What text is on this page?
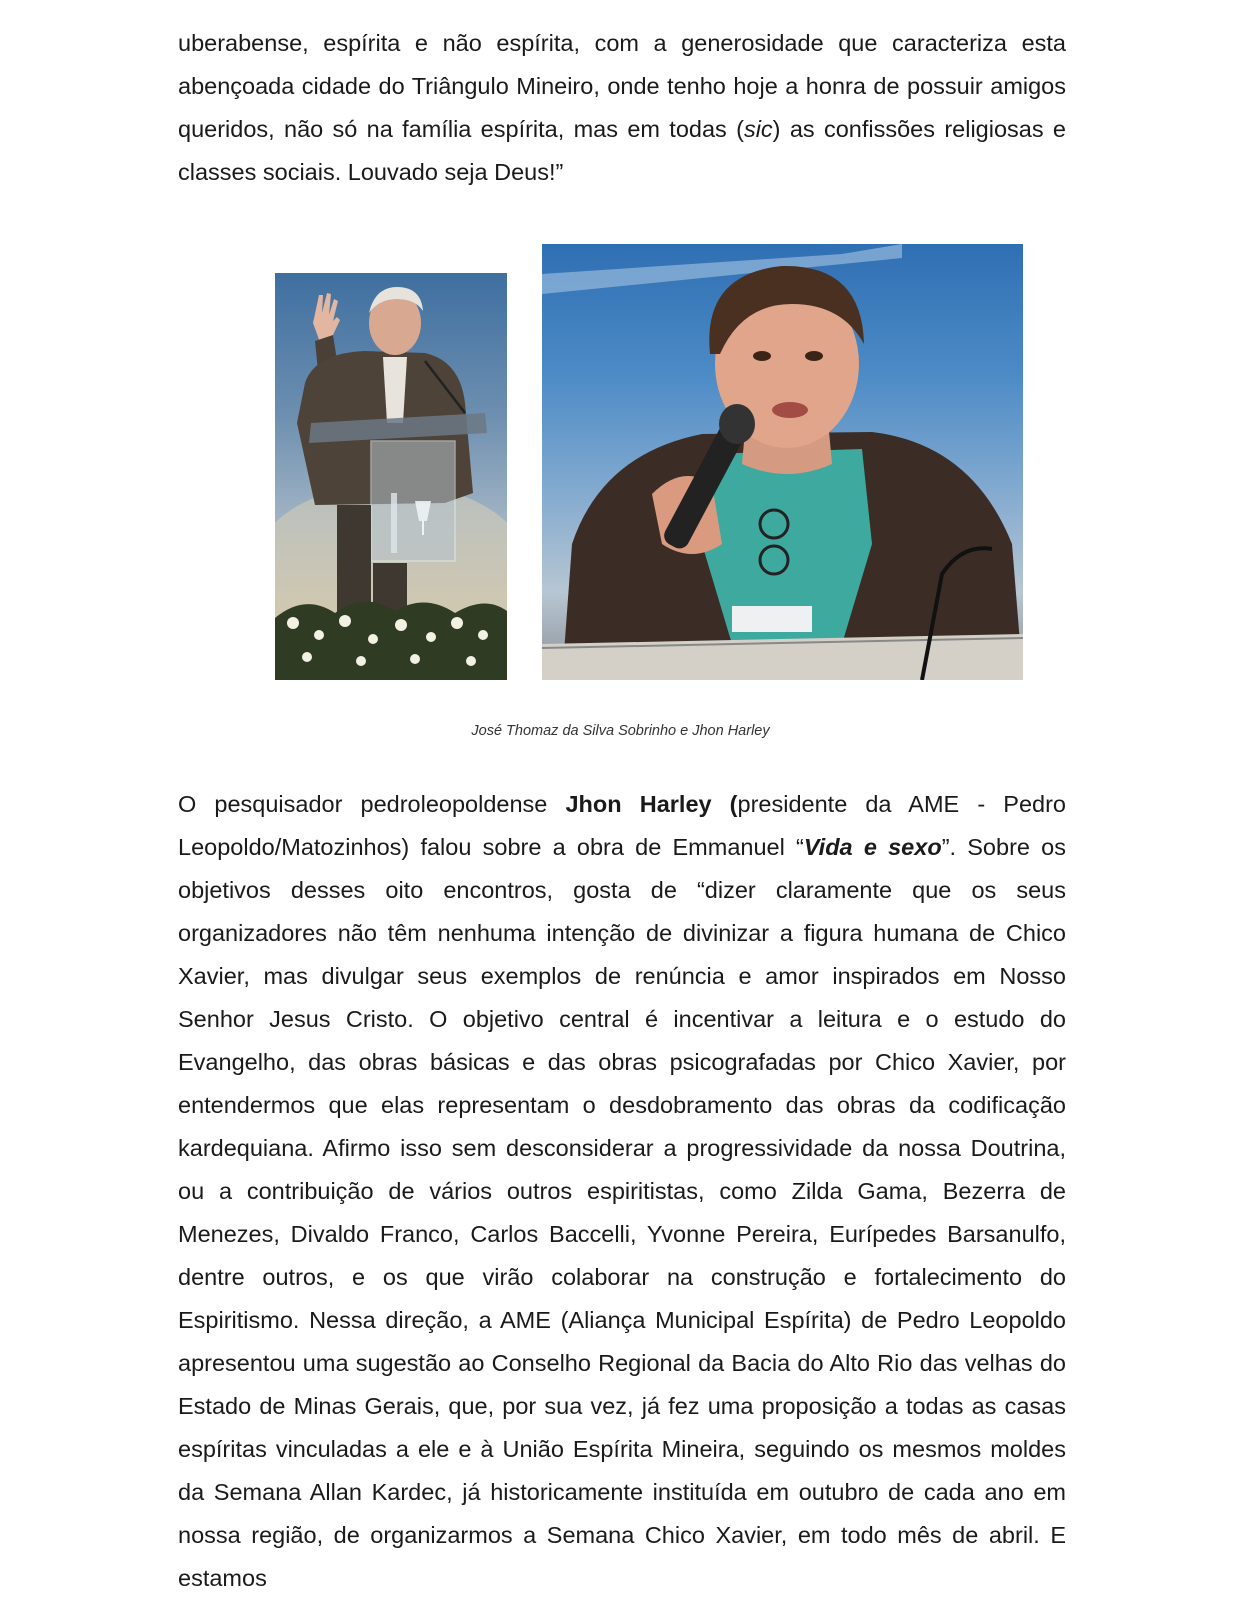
uberabense, espírita e não espírita, com a generosidade que caracteriza esta abençoada cidade do Triângulo Mineiro, onde tenho hoje a honra de possuir amigos queridos, não só na família espírita, mas em todas (sic) as confissões religiosas e classes sociais. Louvado seja Deus!”

José Thomaz da Silva Sobrinho e Jhon Harley

O pesquisador pedroleopoldense Jhon Harley (presidente da AME - Pedro Leopoldo/Matozinhos) falou sobre a obra de Emmanuel “Vida e sexo”. Sobre os objetivos desses oito encontros, gosta de “dizer claramente que os seus organizadores não têm nenhuma intenção de divinizar a figura humana de Chico Xavier, mas divulgar seus exemplos de renúncia e amor inspirados em Nosso Senhor Jesus Cristo. O objetivo central é incentivar a leitura e o estudo do Evangelho, das obras básicas e das obras psicografadas por Chico Xavier, por entendermos que elas representam o desdobramento das obras da codificação kardequiana. Afirmo isso sem desconsiderar a progressividade da nossa Doutrina, ou a contribuição de vários outros espiritistas, como Zilda Gama, Bezerra de Menezes, Divaldo Franco, Carlos Baccelli, Yvonne Pereira, Eurípedes Barsanulfo, dentre outros, e os que virão colaborar na construção e fortalecimento do Espiritismo. Nessa direção, a AME (Aliança Municipal Espírita) de Pedro Leopoldo apresentou uma sugestão ao Conselho Regional da Bacia do Alto Rio das velhas do Estado de Minas Gerais, que, por sua vez, já fez uma proposição a todas as casas espíritas vinculadas a ele e à União Espírita Mineira, seguindo os mesmos moldes da Semana Allan Kardec, já historicamente instituída em outubro de cada ano em nossa região, de organizarmos a Semana Chico Xavier, em todo mês de abril. E estamos
